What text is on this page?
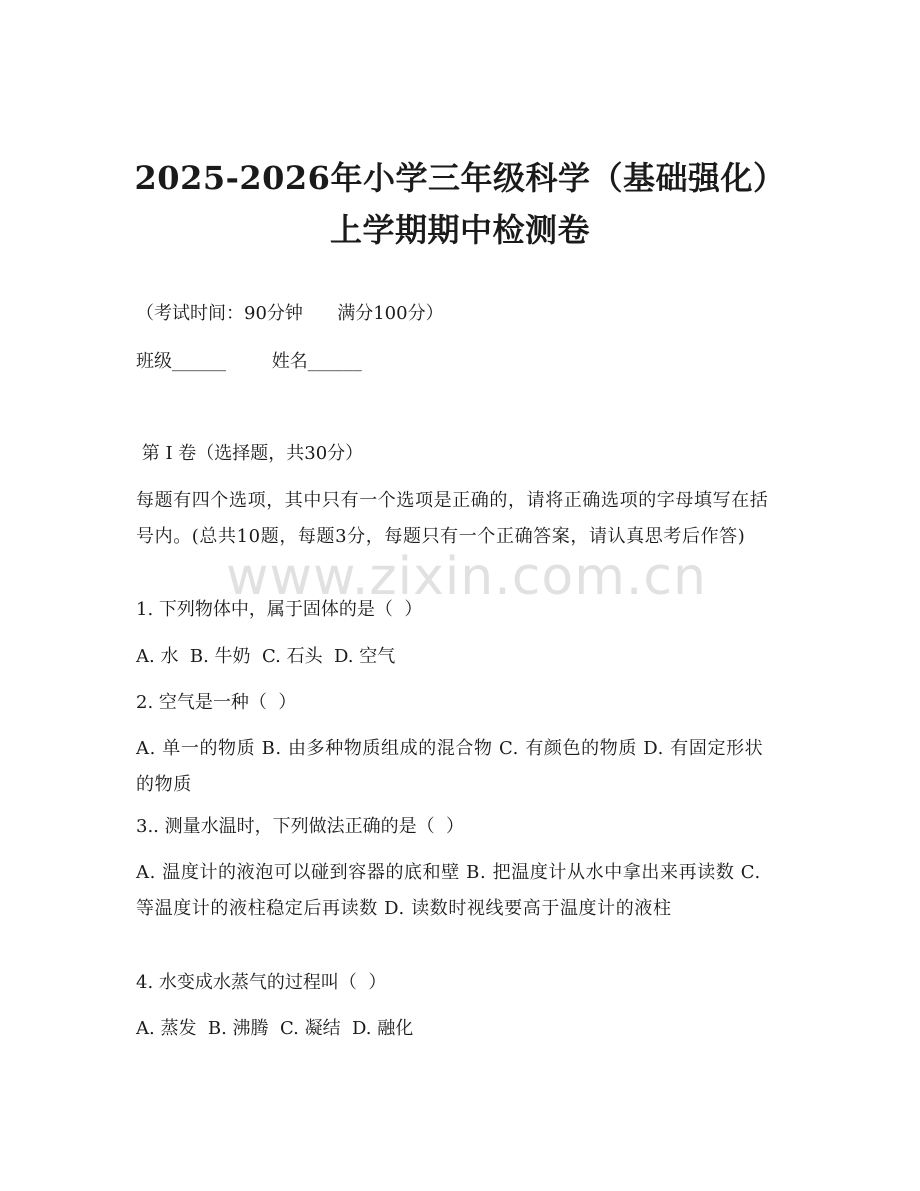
2025-2026年小学三年级科学（基础强化）
上学期期中检测卷
（考试时间：90分钟      满分100分）
班级______        姓名______
第 I 卷（选择题，共30分）
每题有四个选项，其中只有一个选项是正确的，请将正确选项的字母填写在括号内。(总共10题，每题3分，每题只有一个正确答案，请认真思考后作答)
1. 下列物体中，属于固体的是（  ）
A. 水  B. 牛奶  C. 石头  D. 空气
2. 空气是一种（  ）
A. 单一的物质 B. 由多种物质组成的混合物 C. 有颜色的物质 D. 有固定形状的物质
3.. 测量水温时，下列做法正确的是（  ）
A. 温度计的液泡可以碰到容器的底和壁 B. 把温度计从水中拿出来再读数 C. 等温度计的液柱稳定后再读数 D. 读数时视线要高于温度计的液柱
4. 水变成水蒸气的过程叫（  ）
A. 蒸发  B. 沸腾  C. 凝结  D. 融化
www.zixin.com.cn
